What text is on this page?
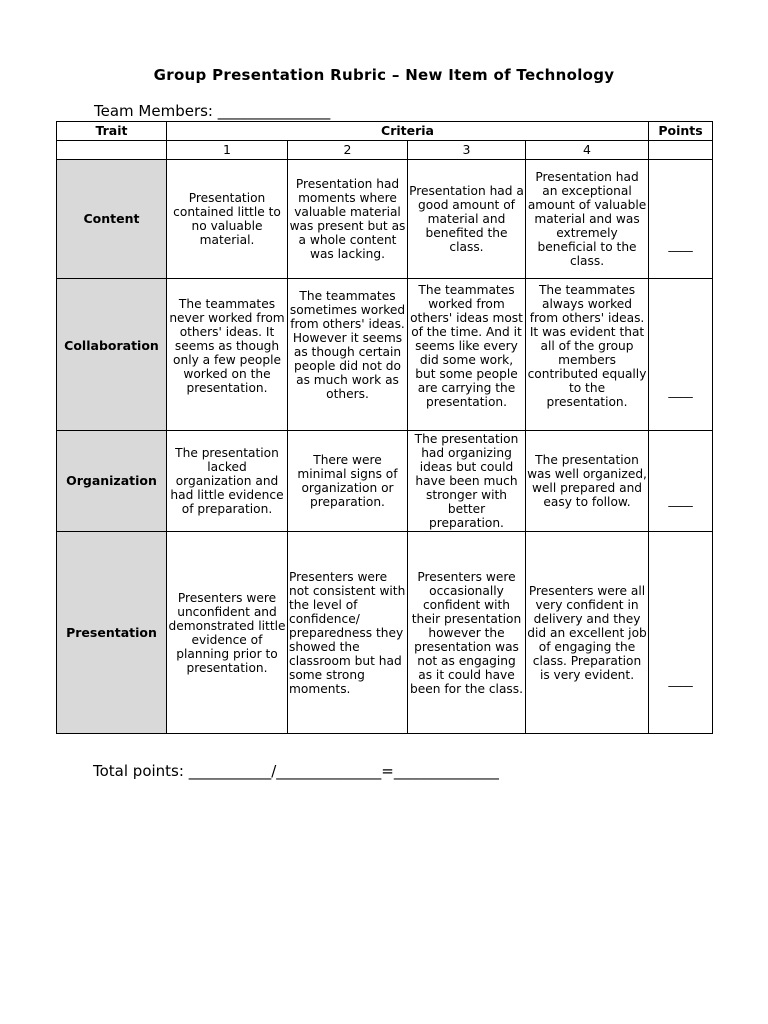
Group Presentation Rubric – New Item of Technology
Team Members: _______________
Trait	Criteria				Points
	1	2	3	4	
Content	Presentation contained little to no valuable material.	Presentation had moments where valuable material was present but as a whole content was lacking.	Presentation had a good amount of material and benefited the class.	Presentation had an exceptional amount of valuable material and was extremely beneficial to the class.	____
Collaboration	The teammates never worked from others' ideas. It seems as though only a few people worked on the presentation.	The teammates sometimes worked from others' ideas. However it seems as though certain people did not do as much work as others.	The teammates worked from others' ideas most of the time. And it seems like every did some work, but some people are carrying the presentation.	The teammates always worked from others' ideas. It was evident that all of the group members contributed equally to the presentation.	____
Organization	The presentation lacked organization and had little evidence of preparation.	There were minimal signs of organization or preparation.	The presentation had organizing ideas but could have been much stronger with better preparation.	The presentation was well organized, well prepared and easy to follow.	____
Presentation	Presenters were unconfident and demonstrated little evidence of planning prior to presentation.	Presenters were not consistent with the level of confidence/ preparedness they showed the classroom but had some strong moments.	Presenters were occasionally confident with their presentation however the presentation was not as engaging as it could have been for the class.	Presenters were all very confident in delivery and they did an excellent job of engaging the class. Preparation is very evident.	____
Total points: ___________/______________=______________
